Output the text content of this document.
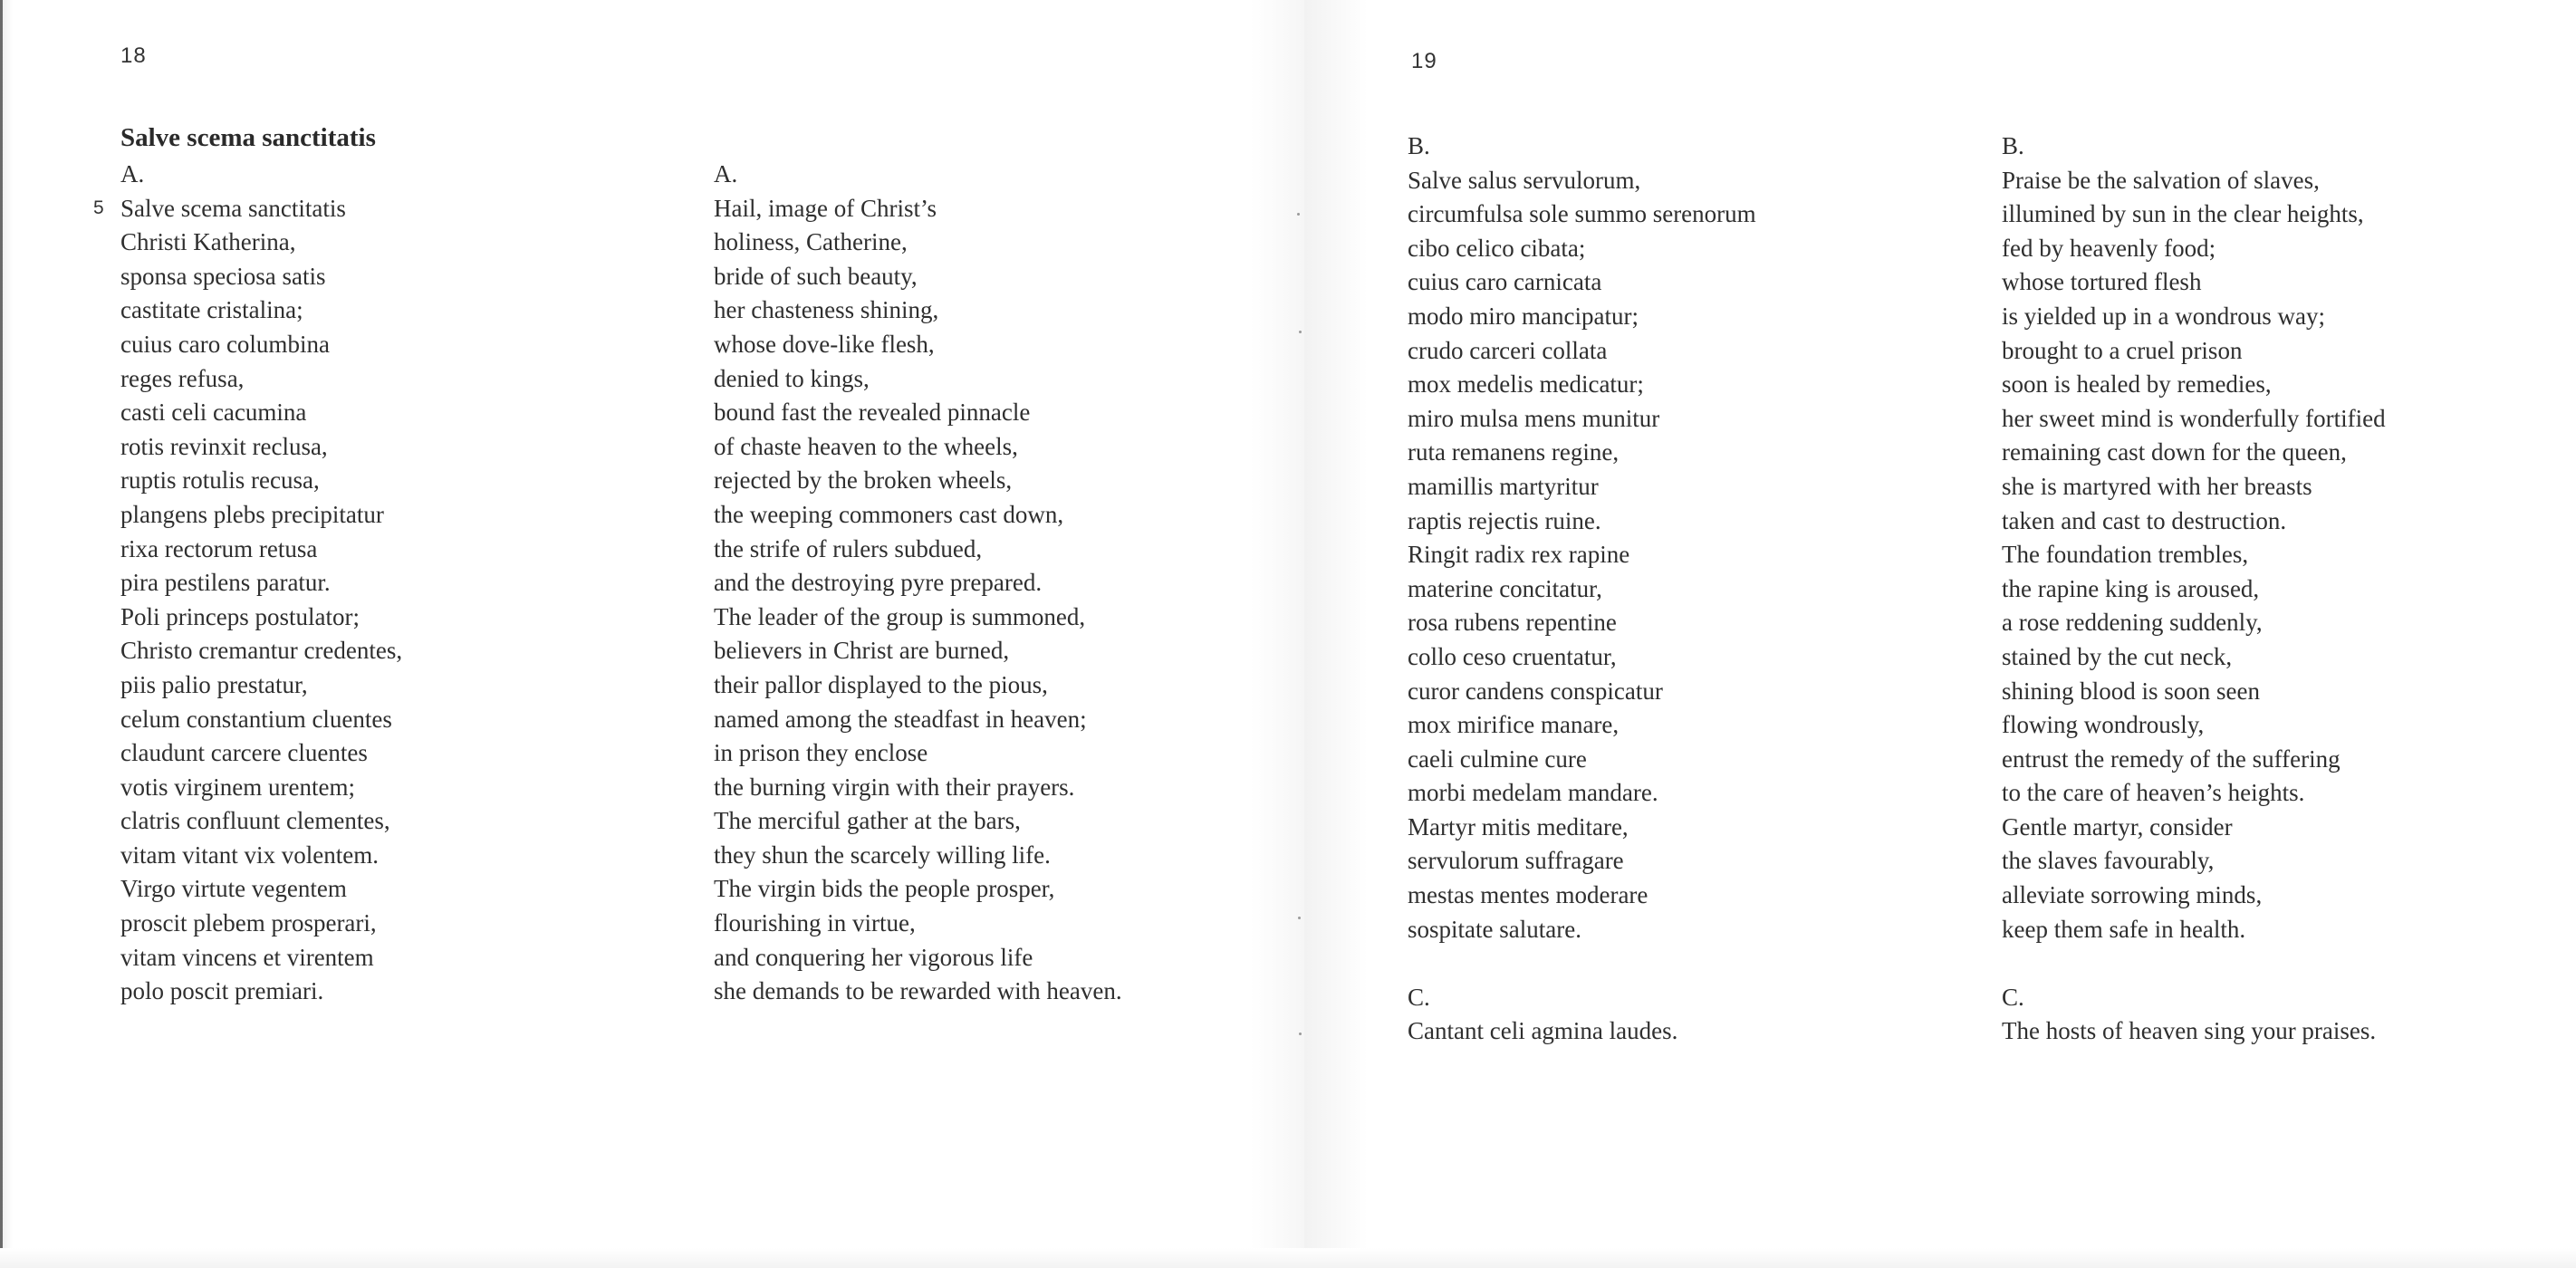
18
Salve scema sanctitatis
5
A.
Salve scema sanctitatis
Christi Katherina,
sponsa speciosa satis
castitate cristalina;
cuius caro columbina
reges refusa,
casti celi cacumina
rotis revinxit reclusa,
ruptis rotulis recusa,
plangens plebs precipitatur
rixa rectorum retusa
pira pestilens paratur.
Poli princeps postulator;
Christo cremantur credentes,
piis palio prestatur,
celum constantium cluentes
claudunt carcere cluentes
votis virginem urentem;
clatris confluunt clementes,
vitam vitant vix volentem.
Virgo virtute vegentem
proscit plebem prosperari,
vitam vincens et virentem
polo poscit premiari.
A.
Hail, image of Christ’s
holiness, Catherine,
bride of such beauty,
her chasteness shining,
whose dove-like flesh,
denied to kings,
bound fast the revealed pinnacle
of chaste heaven to the wheels,
rejected by the broken wheels,
the weeping commoners cast down,
the strife of rulers subdued,
and the destroying pyre prepared.
The leader of the group is summoned,
believers in Christ are burned,
their pallor displayed to the pious,
named among the steadfast in heaven;
in prison they enclose
the burning virgin with their prayers.
The merciful gather at the bars,
they shun the scarcely willing life.
The virgin bids the people prosper,
flourishing in virtue,
and conquering her vigorous life
she demands to be rewarded with heaven.
19
B.
Salve salus servulorum,
circumfulsa sole summo serenorum
cibo celico cibata;
cuius caro carnicata
modo miro mancipatur;
crudo carceri collata
mox medelis medicatur;
miro mulsa mens munitur
ruta remanens regine,
mamillis martyritur
raptis rejectis ruine.
Ringit radix rex rapine
materine concitatur,
rosa rubens repentine
collo ceso cruentatur,
curor candens conspicatur
mox mirifice manare,
caeli culmine cure
morbi medelam mandare.
Martyr mitis meditare,
servulorum suffragare
mestas mentes moderare
sospitate salutare.
C.
Cantant celi agmina laudes.
B.
Praise be the salvation of slaves,
illumined by sun in the clear heights,
fed by heavenly food;
whose tortured flesh
is yielded up in a wondrous way;
brought to a cruel prison
soon is healed by remedies,
her sweet mind is wonderfully fortified
remaining cast down for the queen,
she is martyred with her breasts
taken and cast to destruction.
The foundation trembles,
the rapine king is aroused,
a rose reddening suddenly,
stained by the cut neck,
shining blood is soon seen
flowing wondrously,
entrust the remedy of the suffering
to the care of heaven’s heights.
Gentle martyr, consider
the slaves favourably,
alleviate sorrowing minds,
keep them safe in health.
C.
The hosts of heaven sing your praises.
